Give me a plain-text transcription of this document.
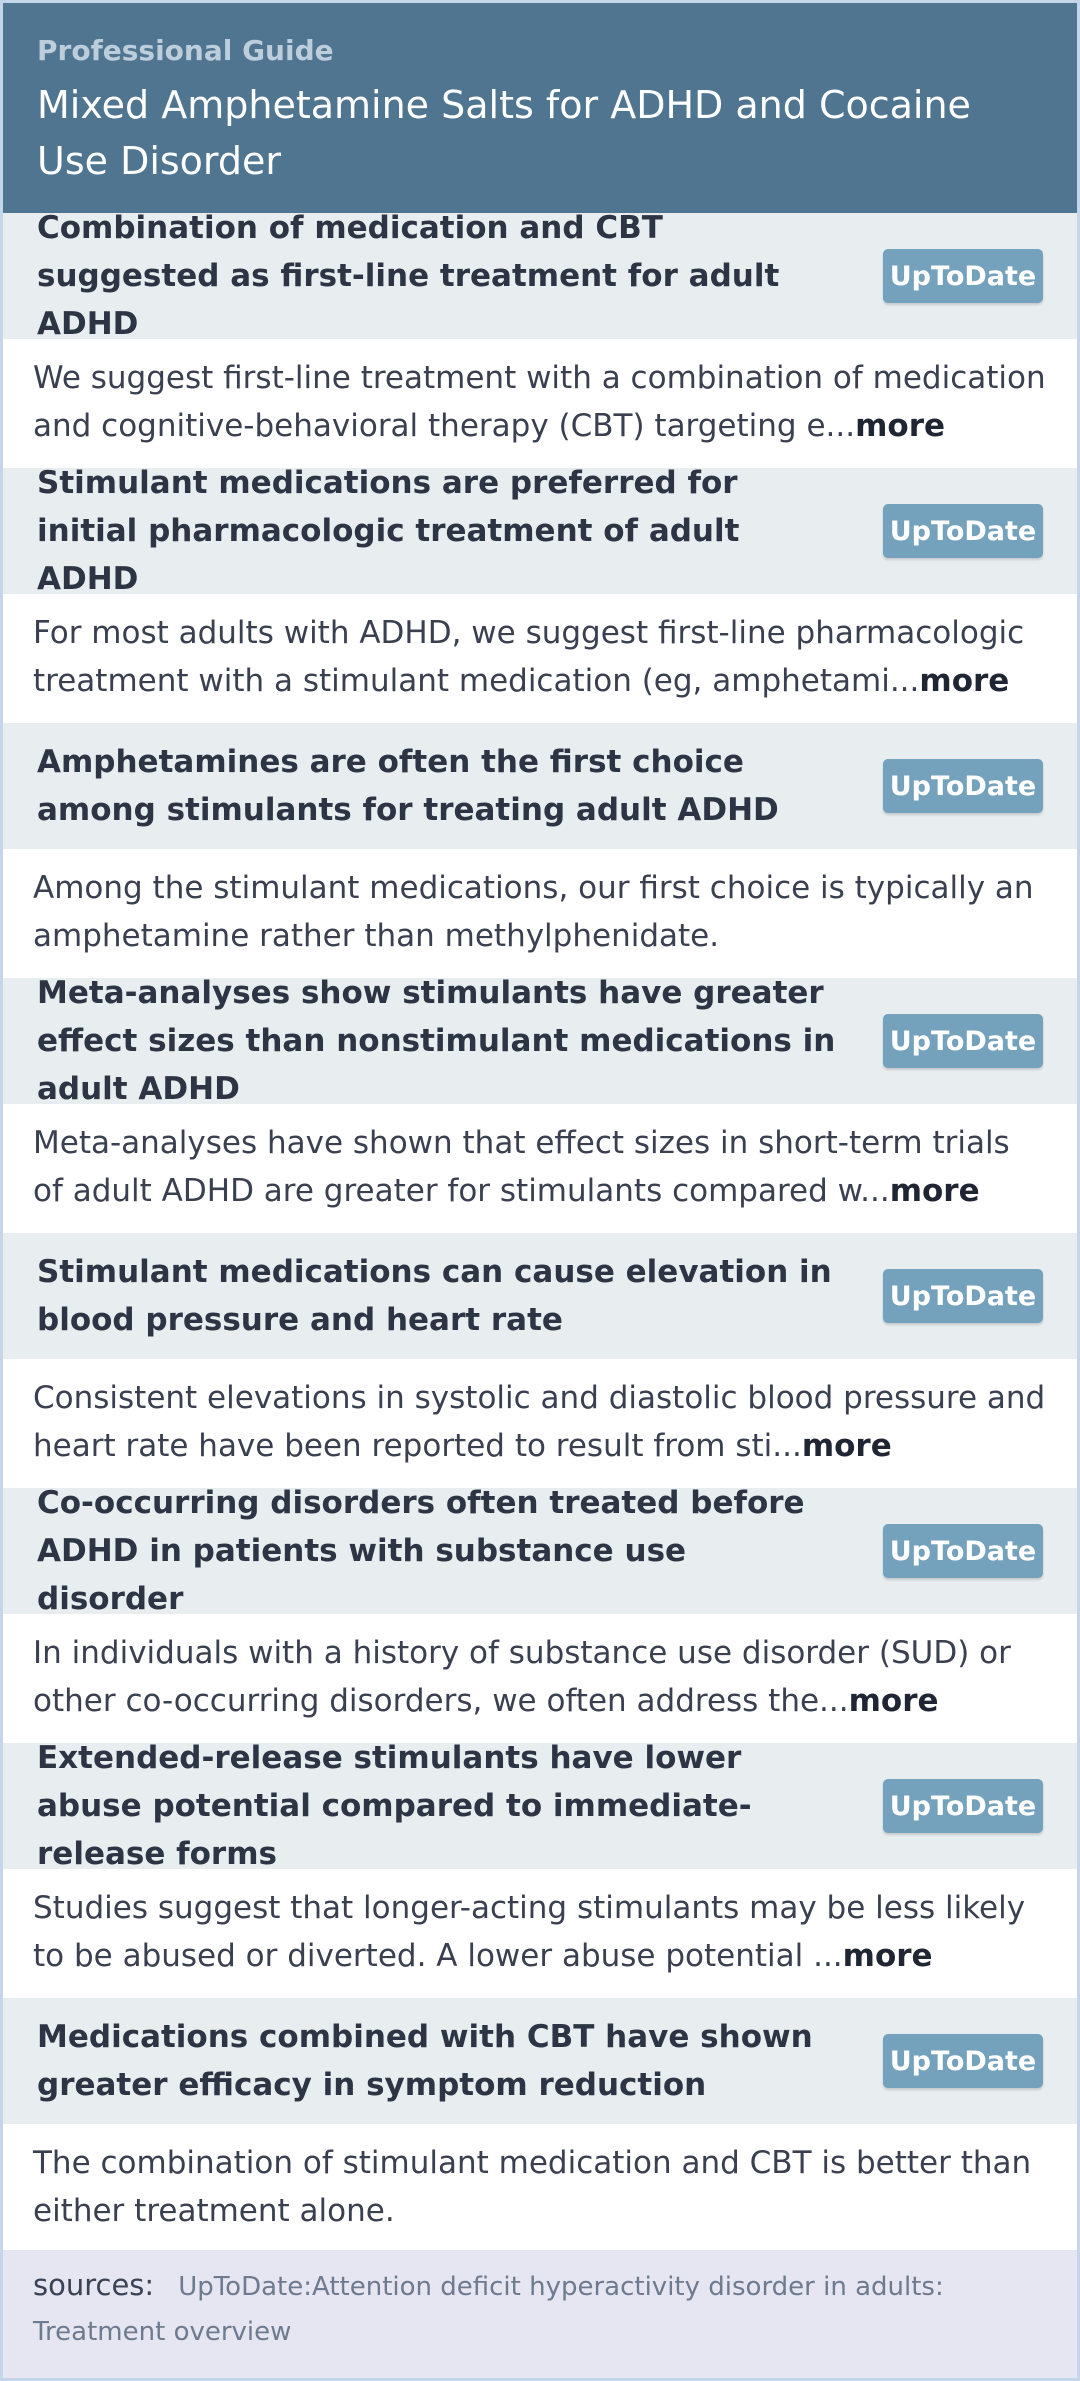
Professional Guide
Mixed Amphetamine Salts for ADHD and Cocaine Use Disorder
Combination of medication and CBT suggested as first-line treatment for adult ADHD
UpToDate
We suggest first-line treatment with a combination of medication and cognitive-behavioral therapy (CBT) targeting e...more
Stimulant medications are preferred for initial pharmacologic treatment of adult ADHD
UpToDate
For most adults with ADHD, we suggest first-line pharmacologic treatment with a stimulant medication (eg, amphetami...more
Amphetamines are often the first choice among stimulants for treating adult ADHD
UpToDate
Among the stimulant medications, our first choice is typically an amphetamine rather than methylphenidate.
Meta-analyses show stimulants have greater effect sizes than nonstimulant medications in adult ADHD
UpToDate
Meta-analyses have shown that effect sizes in short-term trials of adult ADHD are greater for stimulants compared w...more
Stimulant medications can cause elevation in blood pressure and heart rate
UpToDate
Consistent elevations in systolic and diastolic blood pressure and heart rate have been reported to result from sti...more
Co-occurring disorders often treated before ADHD in patients with substance use disorder
UpToDate
In individuals with a history of substance use disorder (SUD) or other co-occurring disorders, we often address the...more
Extended-release stimulants have lower abuse potential compared to immediate-release forms
UpToDate
Studies suggest that longer-acting stimulants may be less likely to be abused or diverted. A lower abuse potential ...more
Medications combined with CBT have shown greater efficacy in symptom reduction
UpToDate
The combination of stimulant medication and CBT is better than either treatment alone.
sources: UpToDate:Attention deficit hyperactivity disorder in adults: Treatment overview
